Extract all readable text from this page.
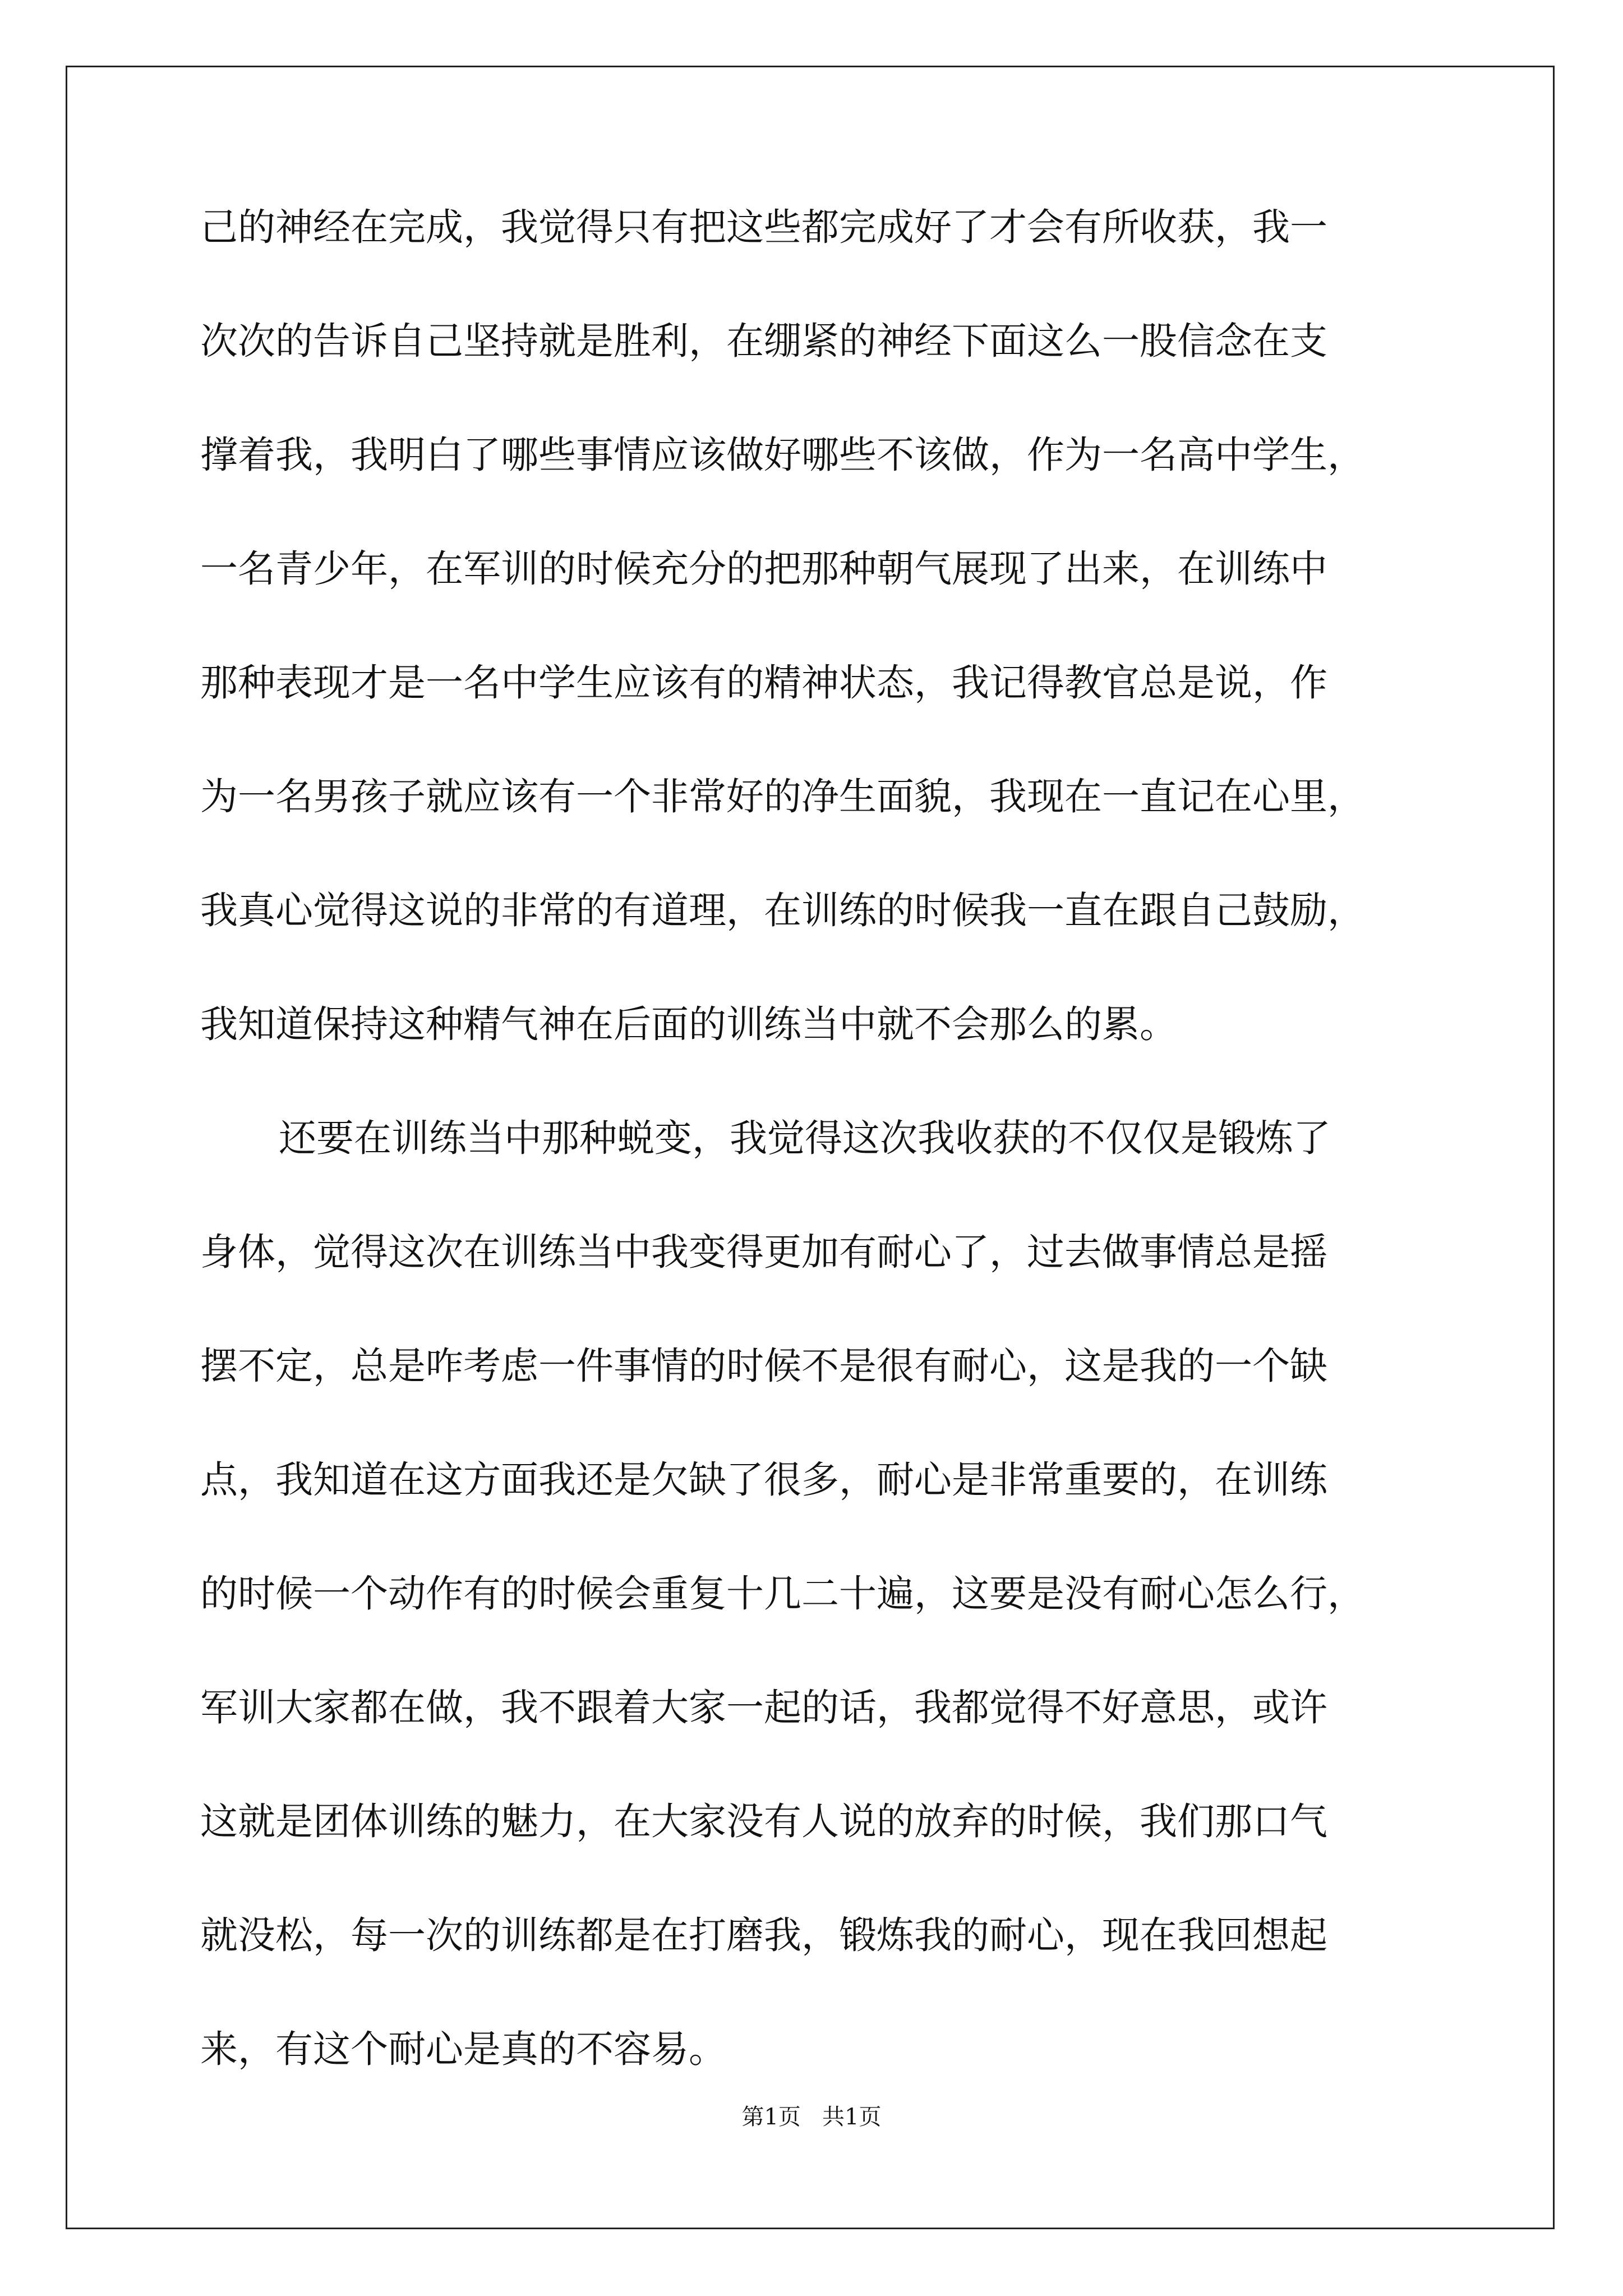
己的神经在完成，我觉得只有把这些都完成好了才会有所收获，我一

次次的告诉自己坚持就是胜利，在绷紧的神经下面这么一股信念在支

撑着我，我明白了哪些事情应该做好哪些不该做，作为一名高中学生，

一名青少年，在军训的时候充分的把那种朝气展现了出来，在训练中

那种表现才是一名中学生应该有的精神状态，我记得教官总是说，作

为一名男孩子就应该有一个非常好的净生面貌，我现在一直记在心里，

我真心觉得这说的非常的有道理，在训练的时候我一直在跟自己鼓励，

我知道保持这种精气神在后面的训练当中就不会那么的累。

还要在训练当中那种蜕变，我觉得这次我收获的不仅仅是锻炼了

身体，觉得这次在训练当中我变得更加有耐心了，过去做事情总是摇

摆不定，总是咋考虑一件事情的时候不是很有耐心，这是我的一个缺

点，我知道在这方面我还是欠缺了很多，耐心是非常重要的，在训练

的时候一个动作有的时候会重复十几二十遍，这要是没有耐心怎么行，

军训大家都在做，我不跟着大家一起的话，我都觉得不好意思，或许

这就是团体训练的魅力，在大家没有人说的放弃的时候，我们那口气

就没松，每一次的训练都是在打磨我，锻炼我的耐心，现在我回想起

来，有这个耐心是真的不容易。

第1页   共1页
